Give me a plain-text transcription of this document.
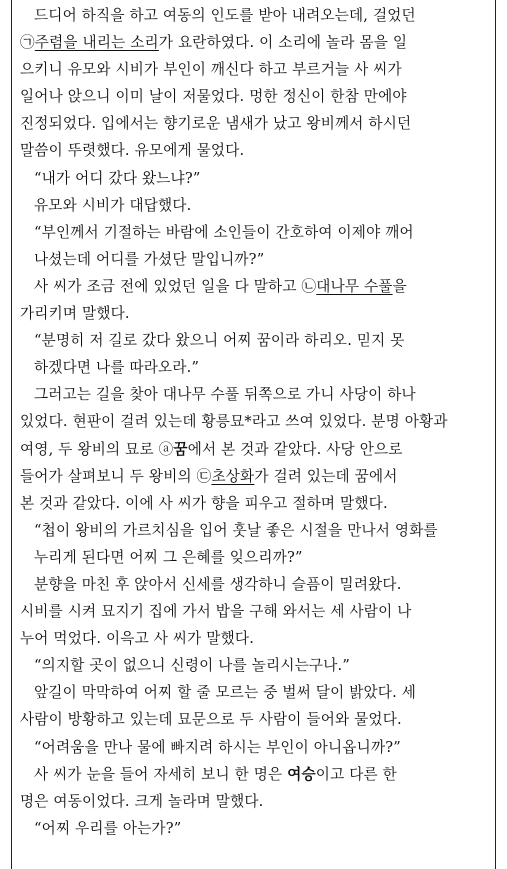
드디어 하직을 하고 여동의 인도를 받아 내려오는데, 걸었던

㉠주렴을 내리는 소리가 요란하였다. 이 소리에 놀라 몸을 일

으키니 유모와 시비가 부인이 깨신다 하고 부르거늘 사 씨가

일어나 앉으니 이미 날이 저물었다. 멍한 정신이 한참 만에야

진정되었다. 입에서는 향기로운 냄새가 났고 왕비께서 하시던

말씀이 뚜렷했다. 유모에게 물었다.

“내가 어디 갔다 왔느냐?”

유모와 시비가 대답했다.

“부인께서 기절하는 바람에 소인들이 간호하여 이제야 깨어

나셨는데 어디를 가셨단 말입니까?”

사 씨가 조금 전에 있었던 일을 다 말하고 ㉡대나무 수풀을

가리키며 말했다.

“분명히 저 길로 갔다 왔으니 어찌 꿈이라 하리오. 믿지 못

하겠다면 나를 따라오라.”

그러고는 길을 찾아 대나무 수풀 뒤쪽으로 가니 사당이 하나

있었다. 현판이 걸려 있는데 황릉묘*라고 쓰여 있었다. 분명 아황과

여영, 두 왕비의 묘로 ⓐ꿈에서 본 것과 같았다. 사당 안으로

들어가 살펴보니 두 왕비의 ㉢초상화가 걸려 있는데 꿈에서

본 것과 같았다. 이에 사 씨가 향을 피우고 절하며 말했다.

“첩이 왕비의 가르치심을 입어 훗날 좋은 시절을 만나서 영화를

누리게 된다면 어찌 그 은혜를 잊으리까?”

분향을 마친 후 앉아서 신세를 생각하니 슬픔이 밀려왔다.

시비를 시켜 묘지기 집에 가서 밥을 구해 와서는 세 사람이 나

누어 먹었다. 이윽고 사 씨가 말했다.

“의지할 곳이 없으니 신령이 나를 놀리시는구나.”

앞길이 막막하여 어찌 할 줄 모르는 중 벌써 달이 밝았다. 세

사람이 방황하고 있는데 묘문으로 두 사람이 들어와 물었다.

“어려움을 만나 물에 빠지려 하시는 부인이 아니옵니까?”

사 씨가 눈을 들어 자세히 보니 한 명은 여승이고 다른 한

명은 여동이었다. 크게 놀라며 말했다.

“어찌 우리를 아는가?”
